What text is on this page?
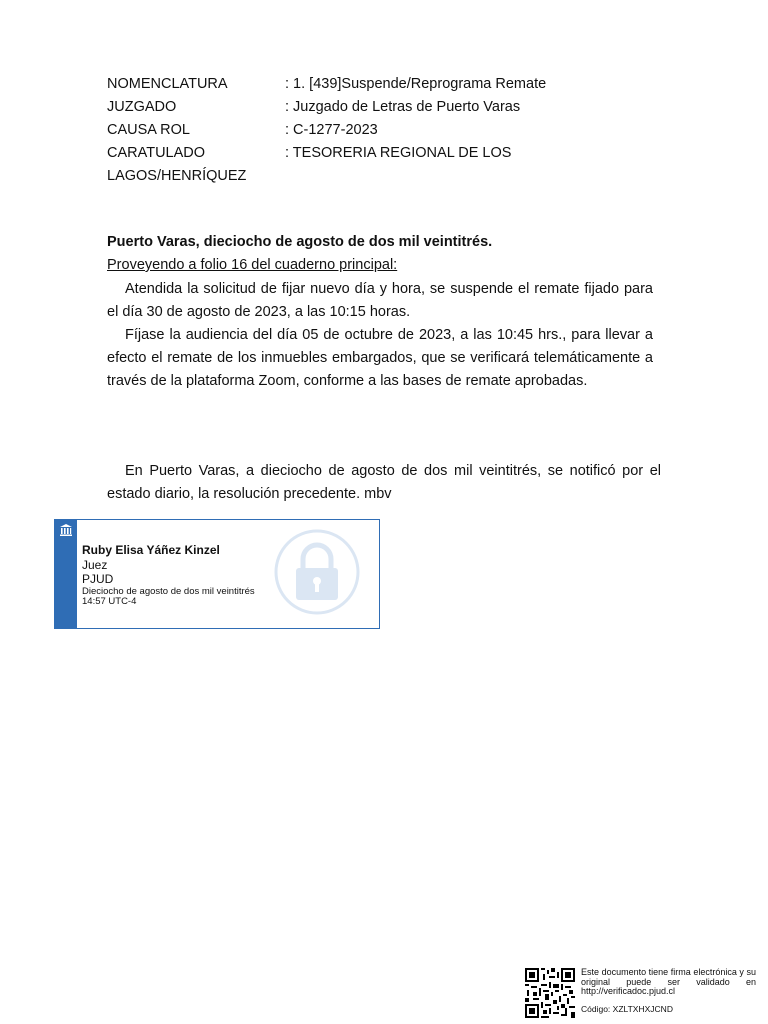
NOMENCLATURA	: 1. [439]Suspende/Reprograma Remate
JUZGADO	: Juzgado de Letras de Puerto Varas
CAUSA ROL	: C-1277-2023
CARATULADO	: TESORERIA REGIONAL DE LOS
LAGOS/HENRÍQUEZ
Puerto Varas, dieciocho de agosto de dos mil veintitrés.
Proveyendo a folio 16 del cuaderno principal:

Atendida la solicitud de fijar nuevo día y hora, se suspende el remate fijado para el día 30 de agosto de 2023, a las 10:15 horas.

Fíjase la audiencia del día 05 de octubre de 2023, a las 10:45 hrs., para llevar a efecto el remate de los inmuebles embargados, que se verificará telemáticamente a través de la plataforma Zoom, conforme a las bases de remate aprobadas.

En Puerto Varas, a dieciocho de agosto de dos mil veintitrés, se notificó por el estado diario, la resolución precedente. mbv

Ruby Elisa Yáñez Kinzel
Juez
PJUD
Dieciocho de agosto de dos mil veintitrés
14:57 UTC-4
Este documento tiene firma electrónica y su original puede ser validado en http://verificadoc.pjud.cl
Código: XZLTXHXJCND
